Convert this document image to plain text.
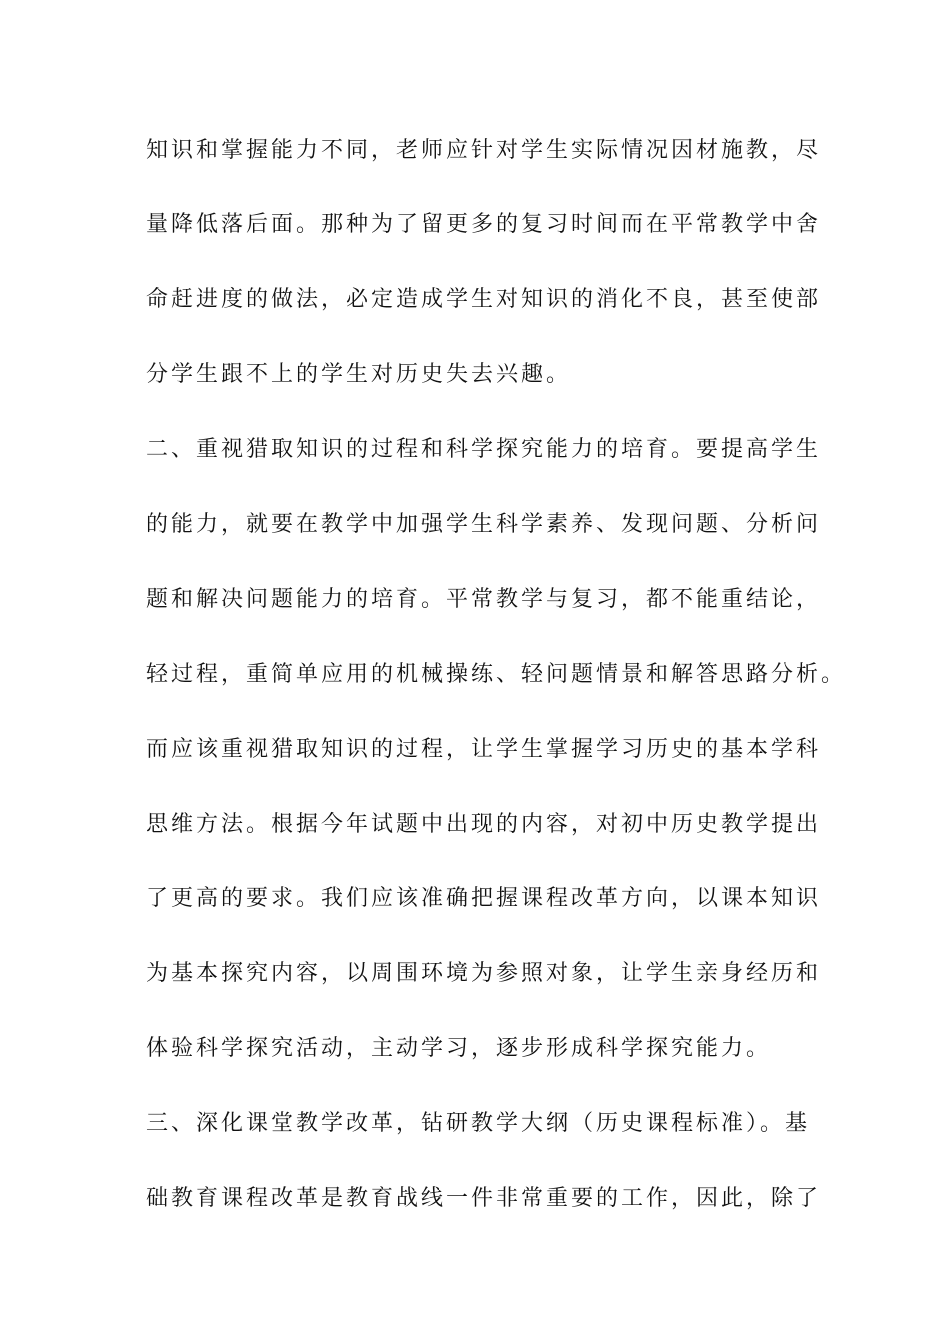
知识和掌握能力不同，老师应针对学生实际情况因材施教，尽
量降低落后面。那种为了留更多的复习时间而在平常教学中舍
命赶进度的做法，必定造成学生对知识的消化不良，甚至使部
分学生跟不上的学生对历史失去兴趣。
二、重视猎取知识的过程和科学探究能力的培育。要提高学生
的能力，就要在教学中加强学生科学素养、发现问题、分析问
题和解决问题能力的培育。平常教学与复习，都不能重结论，
轻过程，重简单应用的机械操练、轻问题情景和解答思路分析。
而应该重视猎取知识的过程，让学生掌握学习历史的基本学科
思维方法。根据今年试题中出现的内容，对初中历史教学提出
了更高的要求。我们应该准确把握课程改革方向，以课本知识
为基本探究内容，以周围环境为参照对象，让学生亲身经历和
体验科学探究活动，主动学习，逐步形成科学探究能力。
三、深化课堂教学改革，钻研教学大纲（历史课程标准）。基
础教育课程改革是教育战线一件非常重要的工作，因此，除了
